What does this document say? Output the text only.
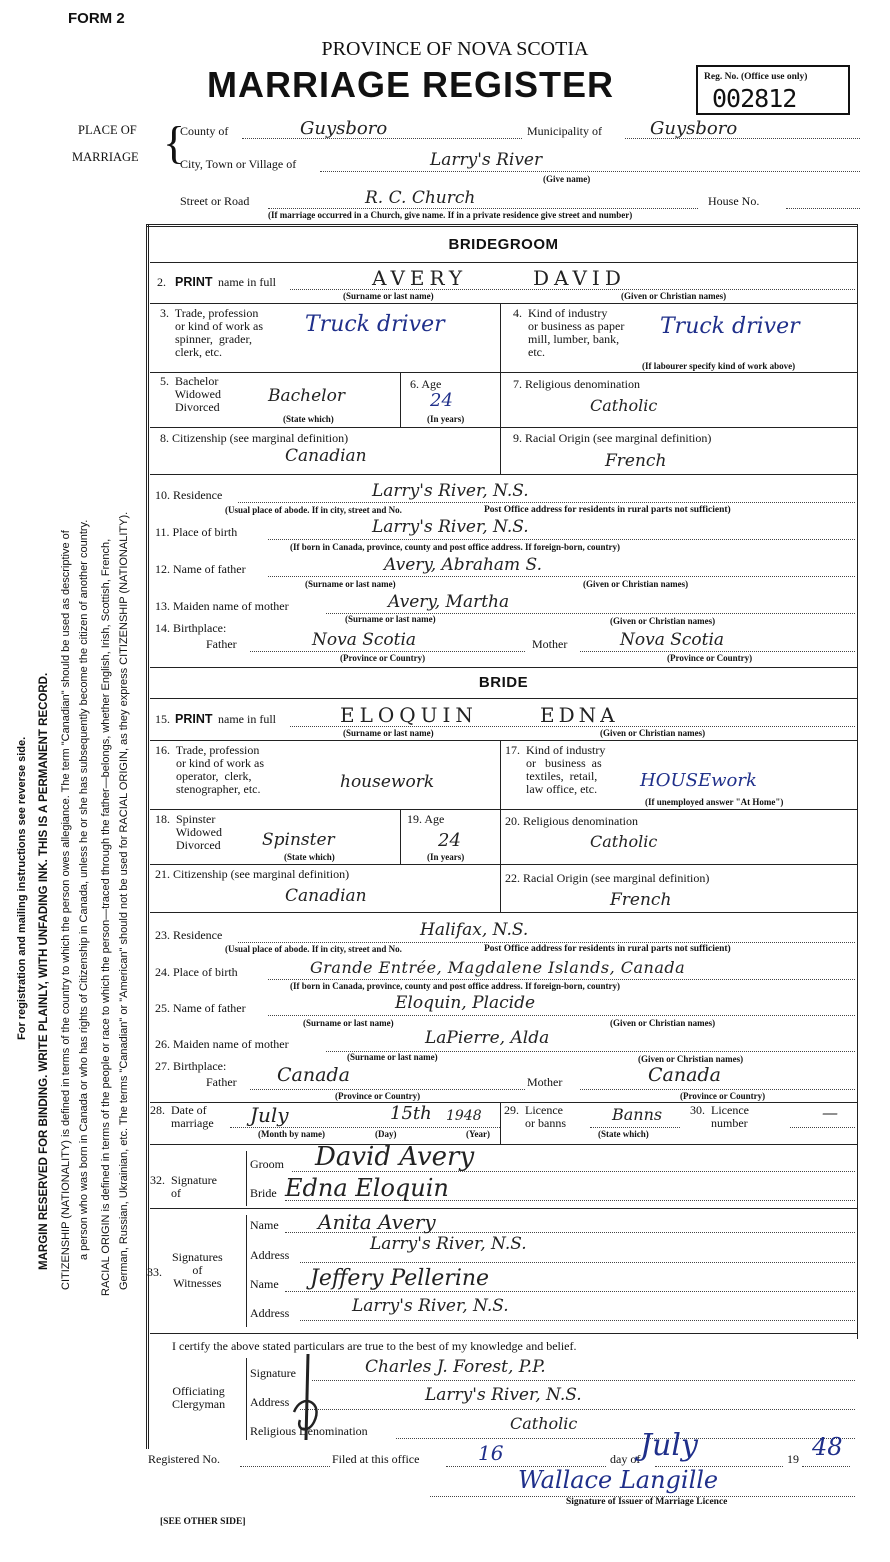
FORM 2
PROVINCE OF NOVA SCOTIA
MARRIAGE REGISTER	Reg. No. (Office use only)
002812
For registration and mailing instructions see reverse side. MARGIN RESERVED FOR BINDING. WRITE PLAINLY, WITH UNFADING INK. THIS IS A PERMANENT RECORD. CITIZENSHIP (NATIONALITY) is defined in terms of the country to which the person owes allegiance. The term "Canadian" should be used as descriptive of a person who was born in Canada or who has rights of Citizenship in Canada, unless he or she has subsequently become the citizen of another country. RACIAL ORIGIN is defined in terms of the people or race to which the person—traced through the father—belongs, whether English, Irish, Scottish, French, German, Russian, Ukrainian, etc. The terms "Canadian" or "American" should not be used for RACIAL ORIGIN, as they express CITIZENSHIP (NATIONALITY).
PLACE OF
MARRIAGE {
County of	Guysboro	Municipality of	Guysboro
City, Town or Village of	Larry's River
(Give name)
Street or Road	R. C. Church	House No.
(If marriage occurred in a Church, give name. If in a private residence give street and number)
BRIDEGROOM
2. PRINT name in full	AVERY	DAVID
(Surname or last name)	(Given or Christian names)
3.  Trade, profession
or kind of work as
spinner,  grader,
clerk, etc.
Truck driver	4.  Kind of industry
or business as paper
mill, lumber, bank,
etc.
Truck driver
(If labourer specify kind of work above)
5.  Bachelor
Widowed
Divorced
Bachelor
(State which)
6. Age
24
(In years)
7. Religious denomination
Catholic
8. Citizenship (see marginal definition)
Canadian
9. Racial Origin (see marginal definition)
French
10. Residence	Larry's River, N.S.
(Usual place of abode. If in city, street and No.	Post Office address for residents in rural parts not sufficient)
11. Place of birth	Larry's River, N.S.
(If born in Canada, province, county and post office address. If foreign-born, country)
12. Name of father	Avery, Abraham S.
(Surname or last name)	(Given or Christian names)
13. Maiden name of mother	Avery, Martha
(Surname or last name)	(Given or Christian names)
14. Birthplace:
Father	Nova Scotia
(Province or Country)
Mother	Nova Scotia
(Province or Country)
BRIDE
15. PRINT name in full	ELOQUIN	EDNA
(Surname or last name)	(Given or Christian names)
16.  Trade, profession
or kind of work as
operator,  clerk,
stenographer, etc.	housework
17.  Kind of industry
or   business  as
textiles,  retail,
law office, etc.	HOUSEwork
(If unemployed answer "At Home")
18.  Spinster
Widowed
Divorced Spinster
(State which)
19. Age
24
(In years)
20. Religious denomination
Catholic
21. Citizenship (see marginal definition)
Canadian
22. Racial Origin (see marginal definition)
French
23. Residence	Halifax, N.S.
(Usual place of abode. If in city, street and No.	Post Office address for residents in rural parts not sufficient)
24. Place of birth	Grande Entrée, Magdalene Islands, Canada
(If born in Canada, province, county and post office address. If foreign-born, country)
25. Name of father	Eloquin, Placide
(Surname or last name)	(Given or Christian names)
26. Maiden name of mother	LaPierre, Alda
(Surname or last name)	(Given or Christian names)
27. Birthplace:
Father Canada
(Province or Country)
Mother	Canada
(Province or Country)
28.  Date of
marriage July	15th 1948
(Month by name)	(Day)	(Year)
29.  Licence
or banns	Banns
(State which)
30.  Licence
number
—
32.  Signature
of
Groom David Avery
Bride Edna Eloquin
33.
Signatures
of
Witnesses
Name Anita Avery
Address
Larry's River, N.S.
Name Jeffery Pellerine
Address	Larry's River, N.S.
I certify the above stated particulars are true to the best of my knowledge and belief.
Officiating
Clergyman
Signature	Charles J. Forest, P.P.
Address	Larry's River, N.S.
Religious Denomination	Catholic
Registered No.	Filed at this office	16	day of July	19 48
Wallace Langille
Signature of Issuer of Marriage Licence
[SEE OTHER SIDE]
